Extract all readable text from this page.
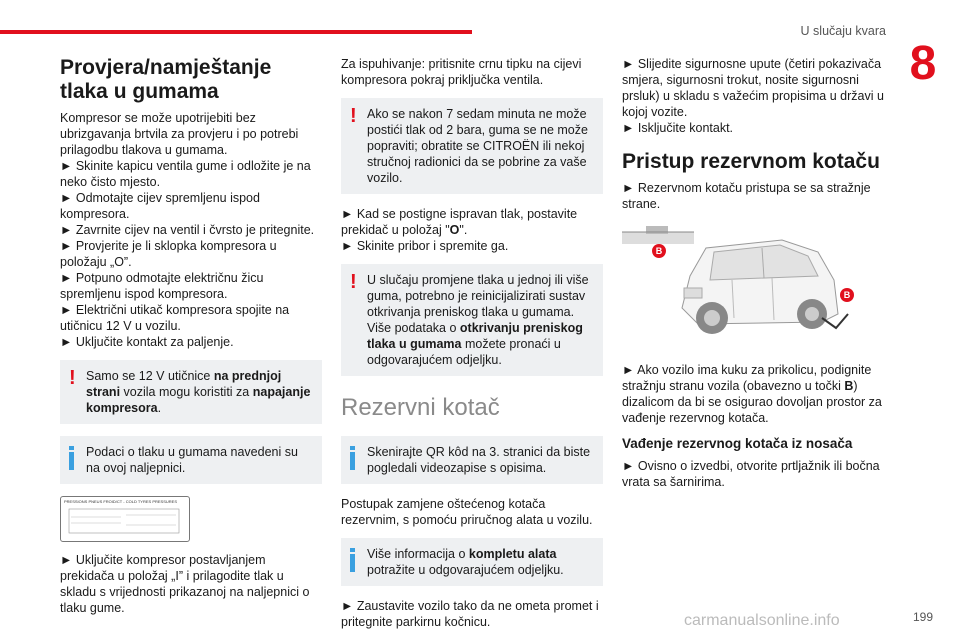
U slučaju kvara
8
Provjera/namještanje tlaka u gumama

Kompresor se može upotrijebiti bez ubrizgavanja brtvila za provjeru i po potrebi prilagodbu tlakova u gumama.

► Skinite kapicu ventila gume i odložite je na neko čisto mjesto.

► Odmotajte cijev spremljenu ispod kompresora.

► Zavrnite cijev na ventil i čvrsto je pritegnite.

► Provjerite je li sklopka kompresora u položaju „O”.

► Potpuno odmotajte električnu žicu spremljenu ispod kompresora.

► Električni utikač kompresora spojite na utičnicu 12 V u vozilu.

► Uključite kontakt za paljenje.

! Samo se 12 V utičnice na prednjoj strani vozila mogu koristiti za napajanje kompresora.
Podaci o tlaku u gumama navedeni su na ovoj naljepnici.
PRESSIONS PNEUS FROID/CT - COLD TYRES PRESSURES

► Uključite kompresor postavljanjem prekidača u položaj „I” i prilagodite tlak u skladu s vrijednosti prikazanoj na naljepnici o tlaku gume.

Za ispuhivanje: pritisnite crnu tipku na cijevi kompresora pokraj priključka ventila.

! Ako se nakon 7 sedam minuta ne može postići tlak od 2 bara, guma se ne može popraviti; obratite se CITROËN ili nekoj stručnoj radionici da se pobrine za vaše vozilo.

► Kad se postigne ispravan tlak, postavite prekidač u položaj "O".

► Skinite pribor i spremite ga.

! U slučaju promjene tlaka u jednoj ili više guma, potrebno je reinicijalizirati sustav otkrivanja preniskog tlaka u gumama.
Više podataka o otkrivanju preniskog tlaka u gumama možete pronaći u odgovarajućem odjeljku.
Rezervni kotač
Skenirajte QR kôd na 3. stranici da biste pogledali videozapise s opisima.

Postupak zamjene oštećenog kotača rezervnim, s pomoću priručnog alata u vozilu.

Više informacija o kompletu alata potražite u odgovarajućem odjeljku.

► Zaustavite vozilo tako da ne ometa promet i pritegnite parkirnu kočnicu.

► Slijedite sigurnosne upute (četiri pokazivača smjera, sigurnosni trokut, nosite sigurnosni prsluk) u skladu s važećim propisima u državi u kojoj vozite.

► Isključite kontakt.

Pristup rezervnom kotaču

► Rezervnom kotaču pristupa se sa stražnje strane.

B
B

► Ako vozilo ima kuku za prikolicu, podignite stražnju stranu vozila (obavezno u točki B) dizalicom da bi se osigurao dovoljan prostor za vađenje rezervnog kotača.

Vađenje rezervnog kotača iz nosača

► Ovisno o izvedbi, otvorite prtljažnik ili bočna vrata sa šarnirima.

carmanualsonline.info	199
